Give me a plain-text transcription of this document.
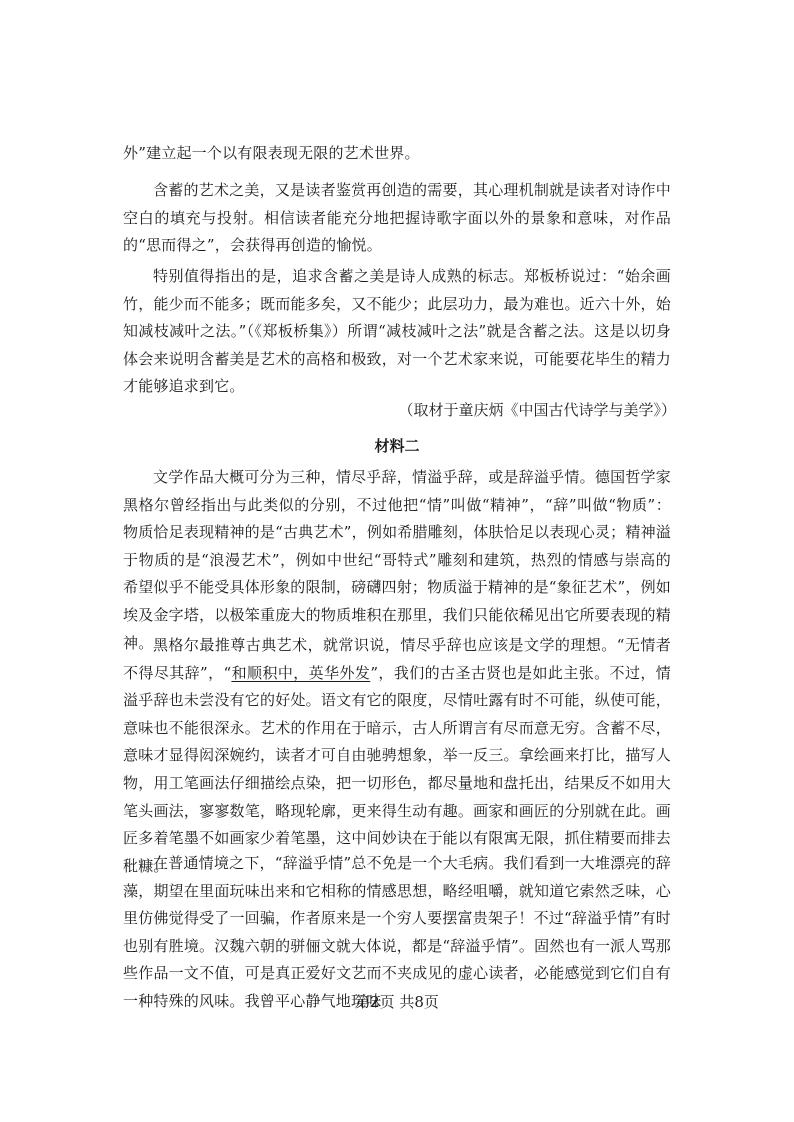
外”建立起一个以有限表现无限的艺术世界。

含蓄的艺术之美，又是读者鉴赏再创造的需要，其心理机制就是读者对诗作中空白的填充与投射。相信读者能充分地把握诗歌字面以外的景象和意味，对作品的“思而得之”，会获得再创造的愉悦。

特别值得指出的是，追求含蓄之美是诗人成熟的标志。郑板桥说过：“始余画竹，能少而不能多；既而能多矣，又不能少；此层功力，最为难也。近六十外，始知减枝减叶之法。”（《郑板桥集》）所谓“减枝减叶之法”就是含蓄之法。这是以切身体会来说明含蓄美是艺术的高格和极致，对一个艺术家来说，可能要花毕生的精力才能够追求到它。

（取材于童庆炳《中国古代诗学与美学》）
材料二

文学作品大概可分为三种，情尽乎辞，情溢乎辞，或是辞溢乎情。德国哲学家黑格尔曾经指出与此类似的分别，不过他把“情”叫做“精神”，“辞”叫做“物质”：物质恰足表现精神的是“古典艺术”，例如希腊雕刻，体肤恰足以表现心灵；精神溢于物质的是“浪漫艺术”，例如中世纪“哥特式”雕刻和建筑，热烈的情感与崇高的希望似乎不能受具体形象的限制，磅礴四射；物质溢于精神的是“象征艺术”，例如埃及金字塔，以极笨重庞大的物质堆积在那里，我们只能依稀见出它所要表现的精神。 黑格尔最推尊古典艺术，就常识说，情尽乎辞也应该是文学的理想。“无情者不得尽其辞”，“和顺积中，英华外发”，我们的古圣古贤也是如此主张。不过，情溢乎辞也未尝没有它的好处。语文有它的限度，尽情吐露有时不可能，纵使可能，意味也不能很深永。艺术的作用在于暗示，古人所谓言有尽而意无穷。含蓄不尽，意味才显得闳深婉约，读者才可自由驰骋想象，举一反三。拿绘画来打比，描写人物，用工笔画法仔细描绘点染，把一切形色，都尽量地和盘托出，结果反不如用大笔头画法，寥寥数笔，略现轮廓，更来得生动有趣。画家和画匠的分别就在此。画匠多着笔墨不如画家少着笔墨，这中间妙诀在于能以有限寓无限，抓住精要而排去秕糠。

在普通情境之下，“辞溢乎情”总不免是一个大毛病。我们看到一大堆漂亮的辞藻，期望在里面玩味出来和它相称的情感思想，略经咀嚼，就知道它索然乏味，心里仿佛觉得受了一回骗，作者原来是一个穷人要摆富贵架子！不过“辞溢乎情”有时也别有胜境。汉魏六朝的骈俪文就大体说，都是“辞溢乎情”。固然也有一派人骂那些作品一文不值，可是真正爱好文艺而不夹成见的虚心读者，必能感觉到它们自有一种特殊的风味。我曾平心静气地玩味

第2页 共8页
